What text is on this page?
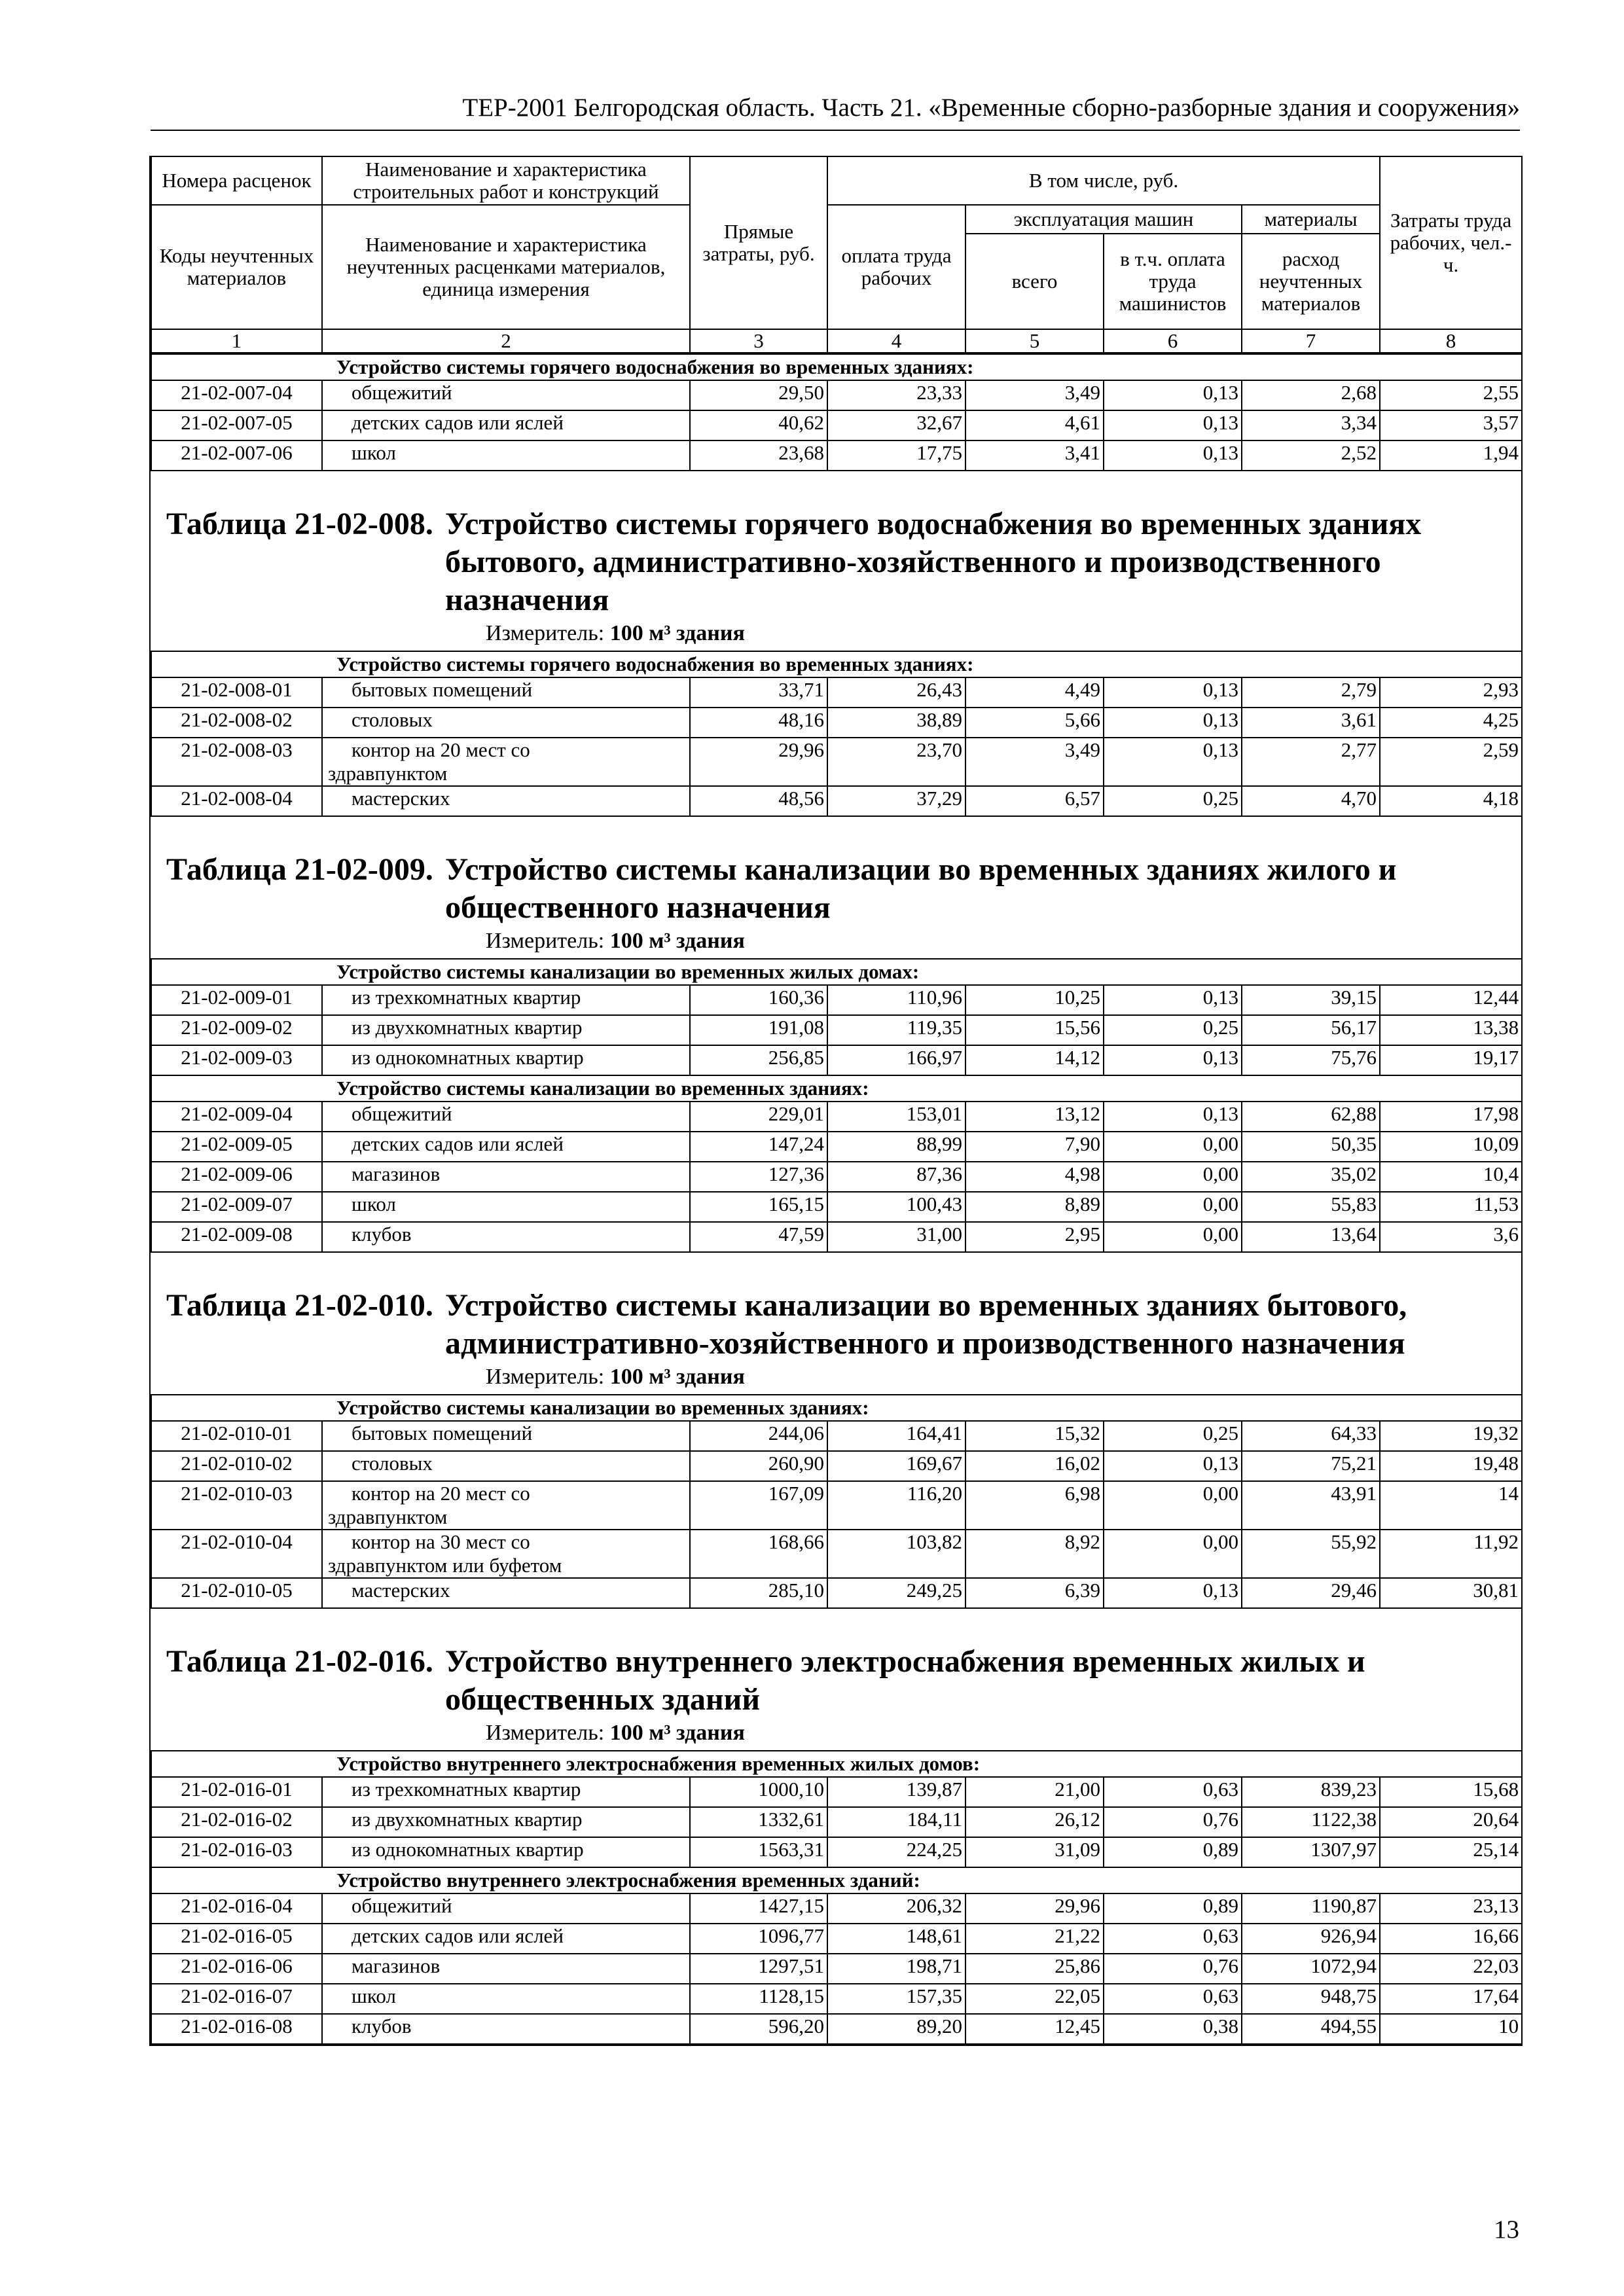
ТЕР-2001 Белгородская область. Часть 21. «Временные сборно-разборные здания и сооружения»
Номера расценок	Наименование и характеристика строительных работ и конструкций	Прямые затраты, руб.	В том числе, руб.				Затраты труда рабочих, чел.-ч.
Коды неучтенных материалов	Наименование и характеристика неучтенных расценками материалов, единица измерения		оплата труда рабочих	эксплуатация машин		материалы	
				всего	в т.ч. оплата труда машинистов	расход неучтенных материалов	
1	2	3	4	5	6	7	8
Устройство системы горячего водоснабжения во временных зданиях:							
21-02-007-04	общежитий	29,50	23,33	3,49	0,13	2,68	2,55
21-02-007-05	детских садов или яслей	40,62	32,67	4,61	0,13	3,34	3,57
21-02-007-06	школ	23,68	17,75	3,41	0,13	2,52	1,94
Таблица 21-02-008. Устройство системы горячего водоснабжения во временных зданиях
бытового, административно-хозяйственного и производственного
назначения
Измеритель: 100 м³ здания
Устройство системы горячего водоснабжения во временных зданиях:							
21-02-008-01	бытовых помещений	33,71	26,43	4,49	0,13	2,79	2,93
21-02-008-02	столовых	48,16	38,89	5,66	0,13	3,61	4,25
21-02-008-03	контор на 20 мест со
здравпунктом	29,96	23,70	3,49	0,13	2,77	2,59
21-02-008-04	мастерских	48,56	37,29	6,57	0,25	4,70	4,18
Таблица 21-02-009. Устройство системы канализации во временных зданиях жилого и
общественного назначения
Измеритель: 100 м³ здания
Устройство системы канализации во временных жилых домах:							
21-02-009-01	из трехкомнатных квартир	160,36	110,96	10,25	0,13	39,15	12,44
21-02-009-02	из двухкомнатных квартир	191,08	119,35	15,56	0,25	56,17	13,38
21-02-009-03	из однокомнатных квартир	256,85	166,97	14,12	0,13	75,76	19,17
Устройство системы канализации во временных зданиях:							
21-02-009-04	общежитий	229,01	153,01	13,12	0,13	62,88	17,98
21-02-009-05	детских садов или яслей	147,24	88,99	7,90	0,00	50,35	10,09
21-02-009-06	магазинов	127,36	87,36	4,98	0,00	35,02	10,4
21-02-009-07	школ	165,15	100,43	8,89	0,00	55,83	11,53
21-02-009-08	клубов	47,59	31,00	2,95	0,00	13,64	3,6
Таблица 21-02-010. Устройство системы канализации во временных зданиях бытового,
административно-хозяйственного и производственного назначения
Измеритель: 100 м³ здания
Устройство системы канализации во временных зданиях:							
21-02-010-01	бытовых помещений	244,06	164,41	15,32	0,25	64,33	19,32
21-02-010-02	столовых	260,90	169,67	16,02	0,13	75,21	19,48
21-02-010-03	контор на 20 мест со
здравпунктом	167,09	116,20	6,98	0,00	43,91	14
21-02-010-04	контор на 30 мест со
здравпунктом или буфетом	168,66	103,82	8,92	0,00	55,92	11,92
21-02-010-05	мастерских	285,10	249,25	6,39	0,13	29,46	30,81
Таблица 21-02-016. Устройство внутреннего электроснабжения временных жилых и
общественных зданий
Измеритель: 100 м³ здания
Устройство внутреннего электроснабжения временных жилых домов:							
21-02-016-01	из трехкомнатных квартир	1000,10	139,87	21,00	0,63	839,23	15,68
21-02-016-02	из двухкомнатных квартир	1332,61	184,11	26,12	0,76	1122,38	20,64
21-02-016-03	из однокомнатных квартир	1563,31	224,25	31,09	0,89	1307,97	25,14
Устройство внутреннего электроснабжения временных зданий:							
21-02-016-04	общежитий	1427,15	206,32	29,96	0,89	1190,87	23,13
21-02-016-05	детских садов или яслей	1096,77	148,61	21,22	0,63	926,94	16,66
21-02-016-06	магазинов	1297,51	198,71	25,86	0,76	1072,94	22,03
21-02-016-07	школ	1128,15	157,35	22,05	0,63	948,75	17,64
21-02-016-08	клубов	596,20	89,20	12,45	0,38	494,55	10
13
